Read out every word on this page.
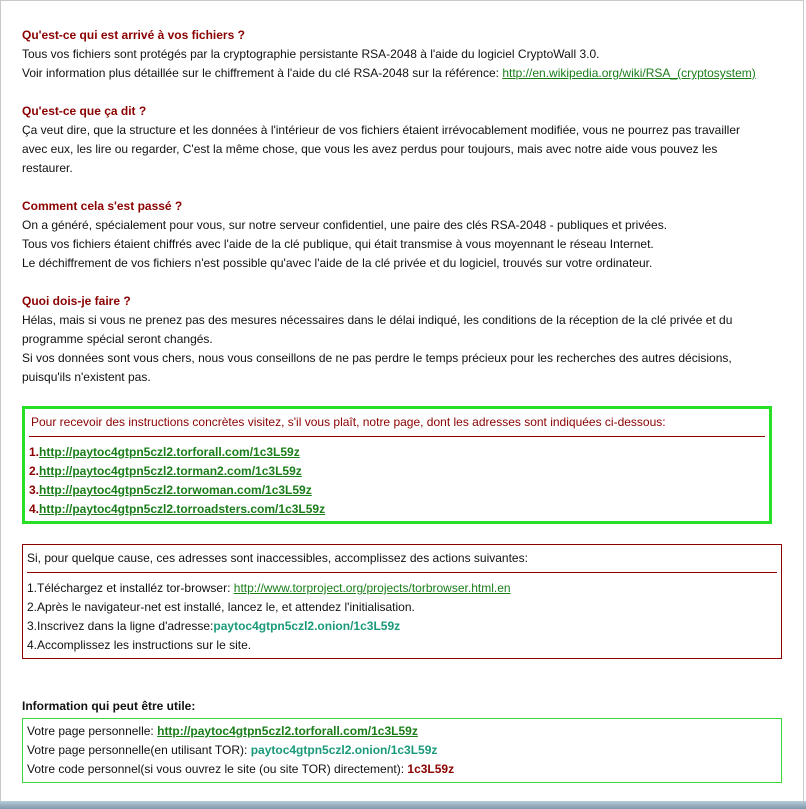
Qu'est-ce qui est arrivé à vos fichiers ?

Tous vos fichiers sont protégés par la cryptographie persistante RSA-2048 à l'aide du logiciel CryptoWall 3.0.

Voir information plus détaillée sur le chiffrement à l'aide du clé RSA-2048 sur la référence: http://en.wikipedia.org/wiki/RSA_(cryptosystem)

Qu'est-ce que ça dit ?

Ça veut dire, que la structure et les données à l'intérieur de vos fichiers étaient irrévocablement modifiée, vous ne pourrez pas travailler

avec eux, les lire ou regarder, C'est la même chose, que vous les avez perdus pour toujours, mais avec notre aide vous pouvez les

restaurer.

Comment cela s'est passé ?

On a généré, spécialement pour vous, sur notre serveur confidentiel, une paire des clés RSA-2048 - publiques et privées.

Tous vos fichiers étaient chiffrés avec l'aide de la clé publique, qui était transmise à vous moyennant le réseau Internet.

Le déchiffrement de vos fichiers n'est possible qu'avec l'aide de la clé privée et du logiciel, trouvés sur votre ordinateur.

Quoi dois-je faire ?

Hélas, mais si vous ne prenez pas des mesures nécessaires dans le délai indiqué, les conditions de la réception de la clé privée et du

programme spécial seront changés.

Si vos données sont vous chers, nous vous conseillons de ne pas perdre le temps précieux pour les recherches des autres décisions,

puisqu'ils n'existent pas.

Pour recevoir des instructions concrètes visitez, s'il vous plaît, notre page, dont les adresses sont indiquées ci-dessous:
1.http://paytoc4gtpn5czl2.torforall.com/1c3L59z
2.http://paytoc4gtpn5czl2.torman2.com/1c3L59z
3.http://paytoc4gtpn5czl2.torwoman.com/1c3L59z
4.http://paytoc4gtpn5czl2.torroadsters.com/1c3L59z
Si, pour quelque cause, ces adresses sont inaccessibles, accomplissez des actions suivantes:
1.Téléchargez et installéz tor-browser: http://www.torproject.org/projects/torbrowser.html.en
2.Après le navigateur-net est installé, lancez le, et attendez l'initialisation.
3.Inscrivez dans la ligne d'adresse:paytoc4gtpn5czl2.onion/1c3L59z
4.Accomplissez les instructions sur le site.
Information qui peut être utile:
Votre page personnelle: http://paytoc4gtpn5czl2.torforall.com/1c3L59z
Votre page personnelle(en utilisant TOR): paytoc4gtpn5czl2.onion/1c3L59z
Votre code personnel(si vous ouvrez le site (ou site TOR) directement): 1c3L59z
